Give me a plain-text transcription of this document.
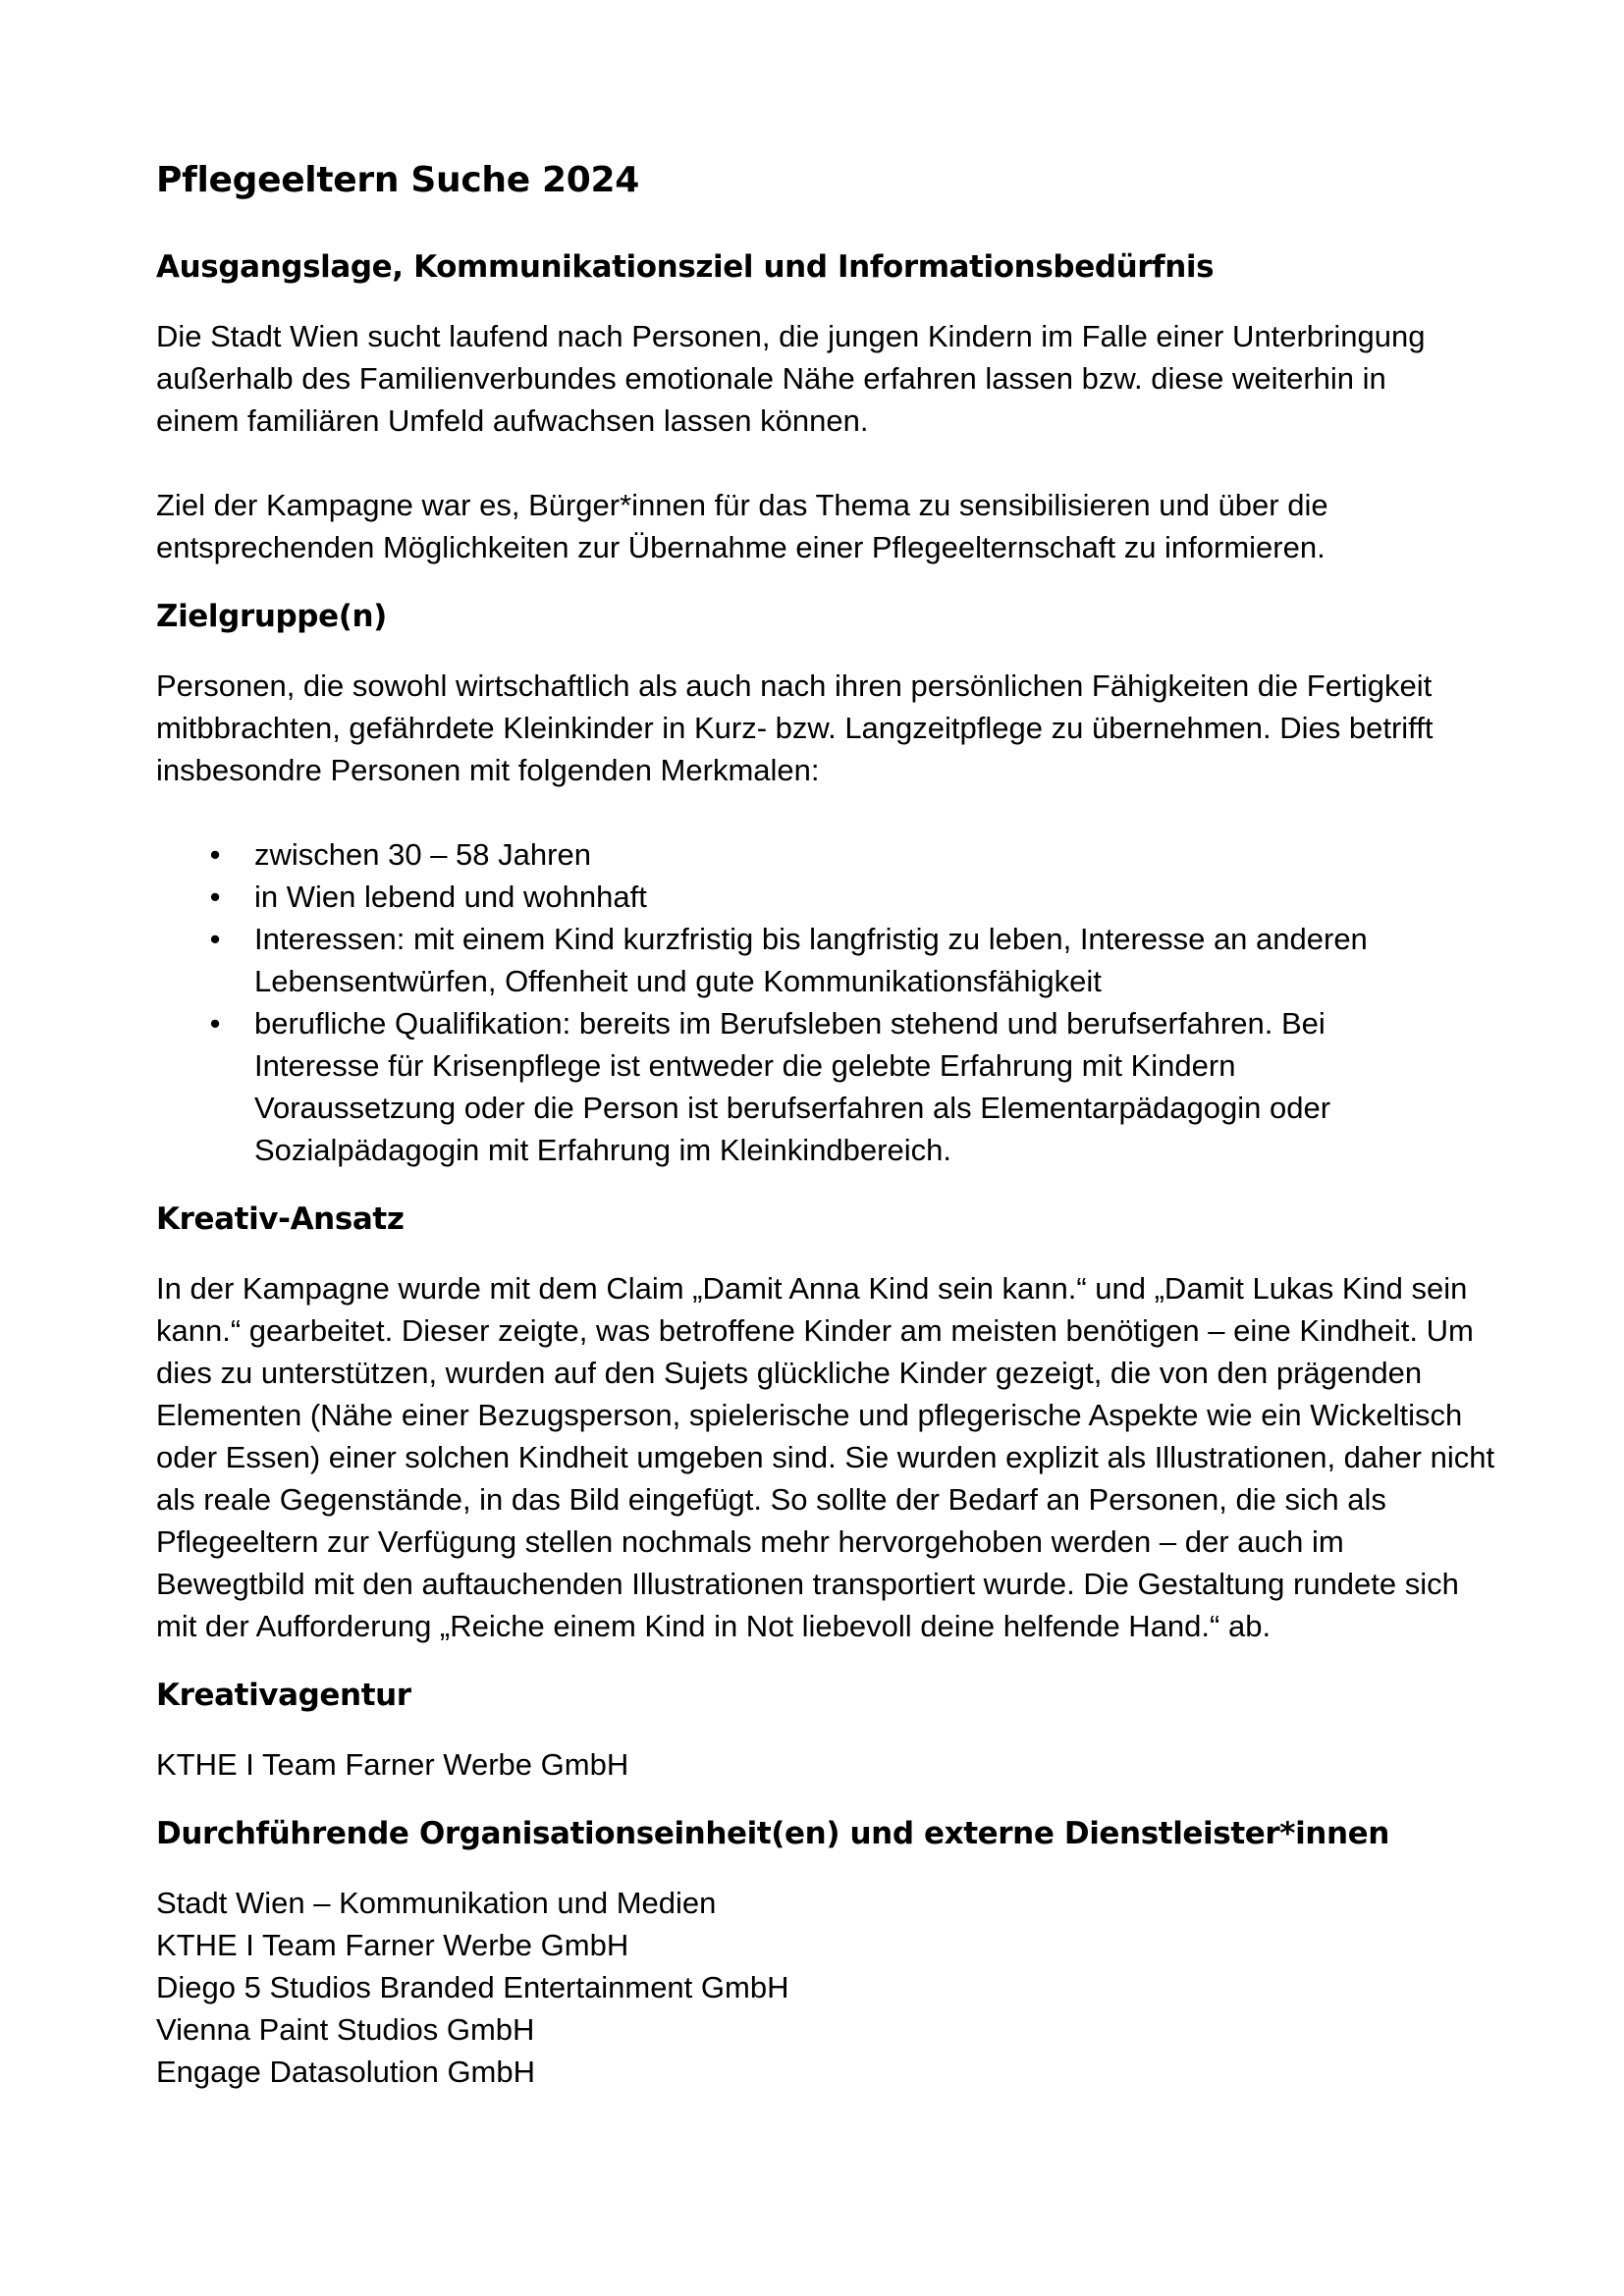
Pflegeeltern Suche 2024
Ausgangslage, Kommunikationsziel und Informationsbedürfnis

Die Stadt Wien sucht laufend nach Personen, die jungen Kindern im Falle einer Unterbringung außerhalb des Familienverbundes emotionale Nähe erfahren lassen bzw. diese weiterhin in einem familiären Umfeld aufwachsen lassen können.

Ziel der Kampagne war es, Bürger*innen für das Thema zu sensibilisieren und über die entsprechenden Möglichkeiten zur Übernahme einer Pflegeelternschaft zu informieren.

Zielgruppe(n)

Personen, die sowohl wirtschaftlich als auch nach ihren persönlichen Fähigkeiten die Fertigkeit mitbbrachten, gefährdete Kleinkinder in Kurz- bzw. Langzeitpflege zu übernehmen. Dies betrifft insbesondre Personen mit folgenden Merkmalen:

• zwischen 30 – 58 Jahren
• in Wien lebend und wohnhaft
• Interessen: mit einem Kind kurzfristig bis langfristig zu leben, Interesse an anderen Lebensentwürfen, Offenheit und gute Kommunikationsfähigkeit
• berufliche Qualifikation: bereits im Berufsleben stehend und berufserfahren. Bei Interesse für Krisenpflege ist entweder die gelebte Erfahrung mit Kindern Voraussetzung oder die Person ist berufserfahren als Elementarpädagogin oder Sozialpädagogin mit Erfahrung im Kleinkindbereich.
Kreativ-Ansatz

In der Kampagne wurde mit dem Claim „Damit Anna Kind sein kann.“ und „Damit Lukas Kind sein kann.“ gearbeitet. Dieser zeigte, was betroffene Kinder am meisten benötigen – eine Kindheit. Um dies zu unterstützen, wurden auf den Sujets glückliche Kinder gezeigt, die von den prägenden Elementen (Nähe einer Bezugsperson, spielerische und pflegerische Aspekte wie ein Wickeltisch oder Essen) einer solchen Kindheit umgeben sind. Sie wurden explizit als Illustrationen, daher nicht als reale Gegenstände, in das Bild eingefügt. So sollte der Bedarf an Personen, die sich als Pflegeeltern zur Verfügung stellen nochmals mehr hervorgehoben werden – der auch im Bewegtbild mit den auftauchenden Illustrationen transportiert wurde. Die Gestaltung rundete sich mit der Aufforderung „Reiche einem Kind in Not liebevoll deine helfende Hand.“ ab.

Kreativagentur

KTHE I Team Farner Werbe GmbH

Durchführende Organisationseinheit(en) und externe Dienstleister*innen

Stadt Wien – Kommunikation und Medien
KTHE I Team Farner Werbe GmbH
Diego 5 Studios Branded Entertainment GmbH
Vienna Paint Studios GmbH
Engage Datasolution GmbH
